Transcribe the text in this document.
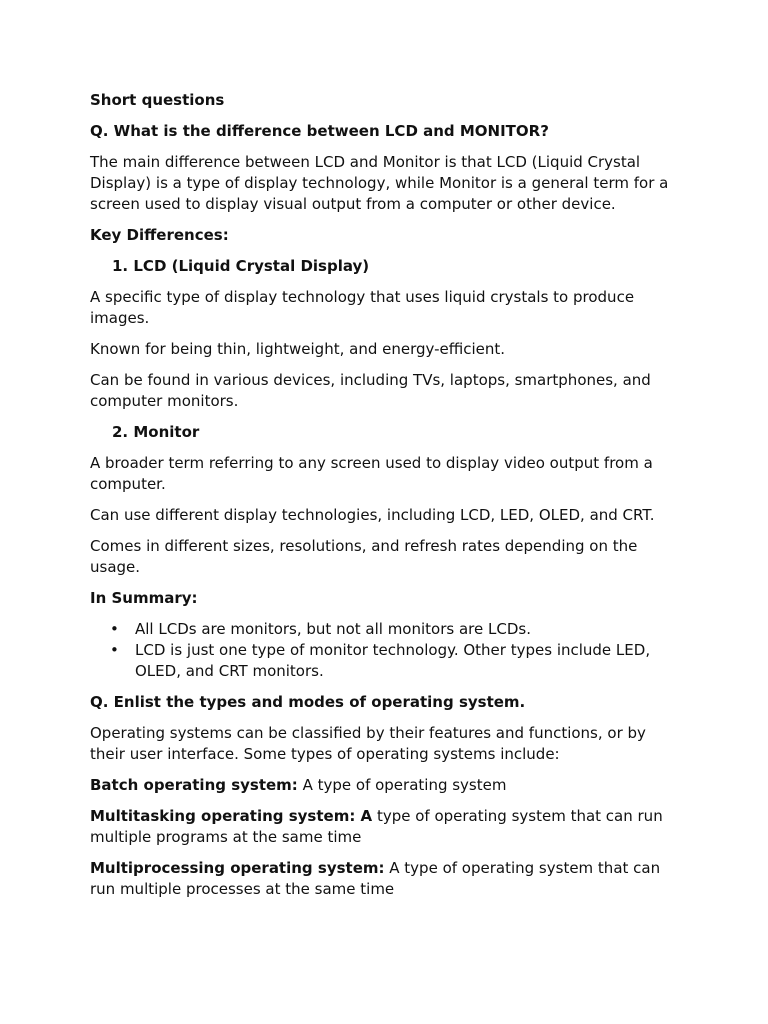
Short questions

Q. What is the difference between LCD and MONITOR?

The main difference between LCD and Monitor is that LCD (Liquid Crystal Display) is a type of display technology, while Monitor is a general term for a screen used to display visual output from a computer or other device.

Key Differences:

1. LCD (Liquid Crystal Display)

A specific type of display technology that uses liquid crystals to produce images.

Known for being thin, lightweight, and energy-efficient.

Can be found in various devices, including TVs, laptops, smartphones, and computer monitors.

2. Monitor

A broader term referring to any screen used to display video output from a computer.

Can use different display technologies, including LCD, LED, OLED, and CRT.

Comes in different sizes, resolutions, and refresh rates depending on the usage.

In Summary:

• All LCDs are monitors, but not all monitors are LCDs.
• LCD is just one type of monitor technology. Other types include LED, OLED, and CRT monitors.

Q. Enlist the types and modes of operating system.

Operating systems can be classified by their features and functions, or by their user interface. Some types of operating systems include:

Batch operating system: A type of operating system

Multitasking operating system: A type of operating system that can run multiple programs at the same time

Multiprocessing operating system: A type of operating system that can run multiple processes at the same time
